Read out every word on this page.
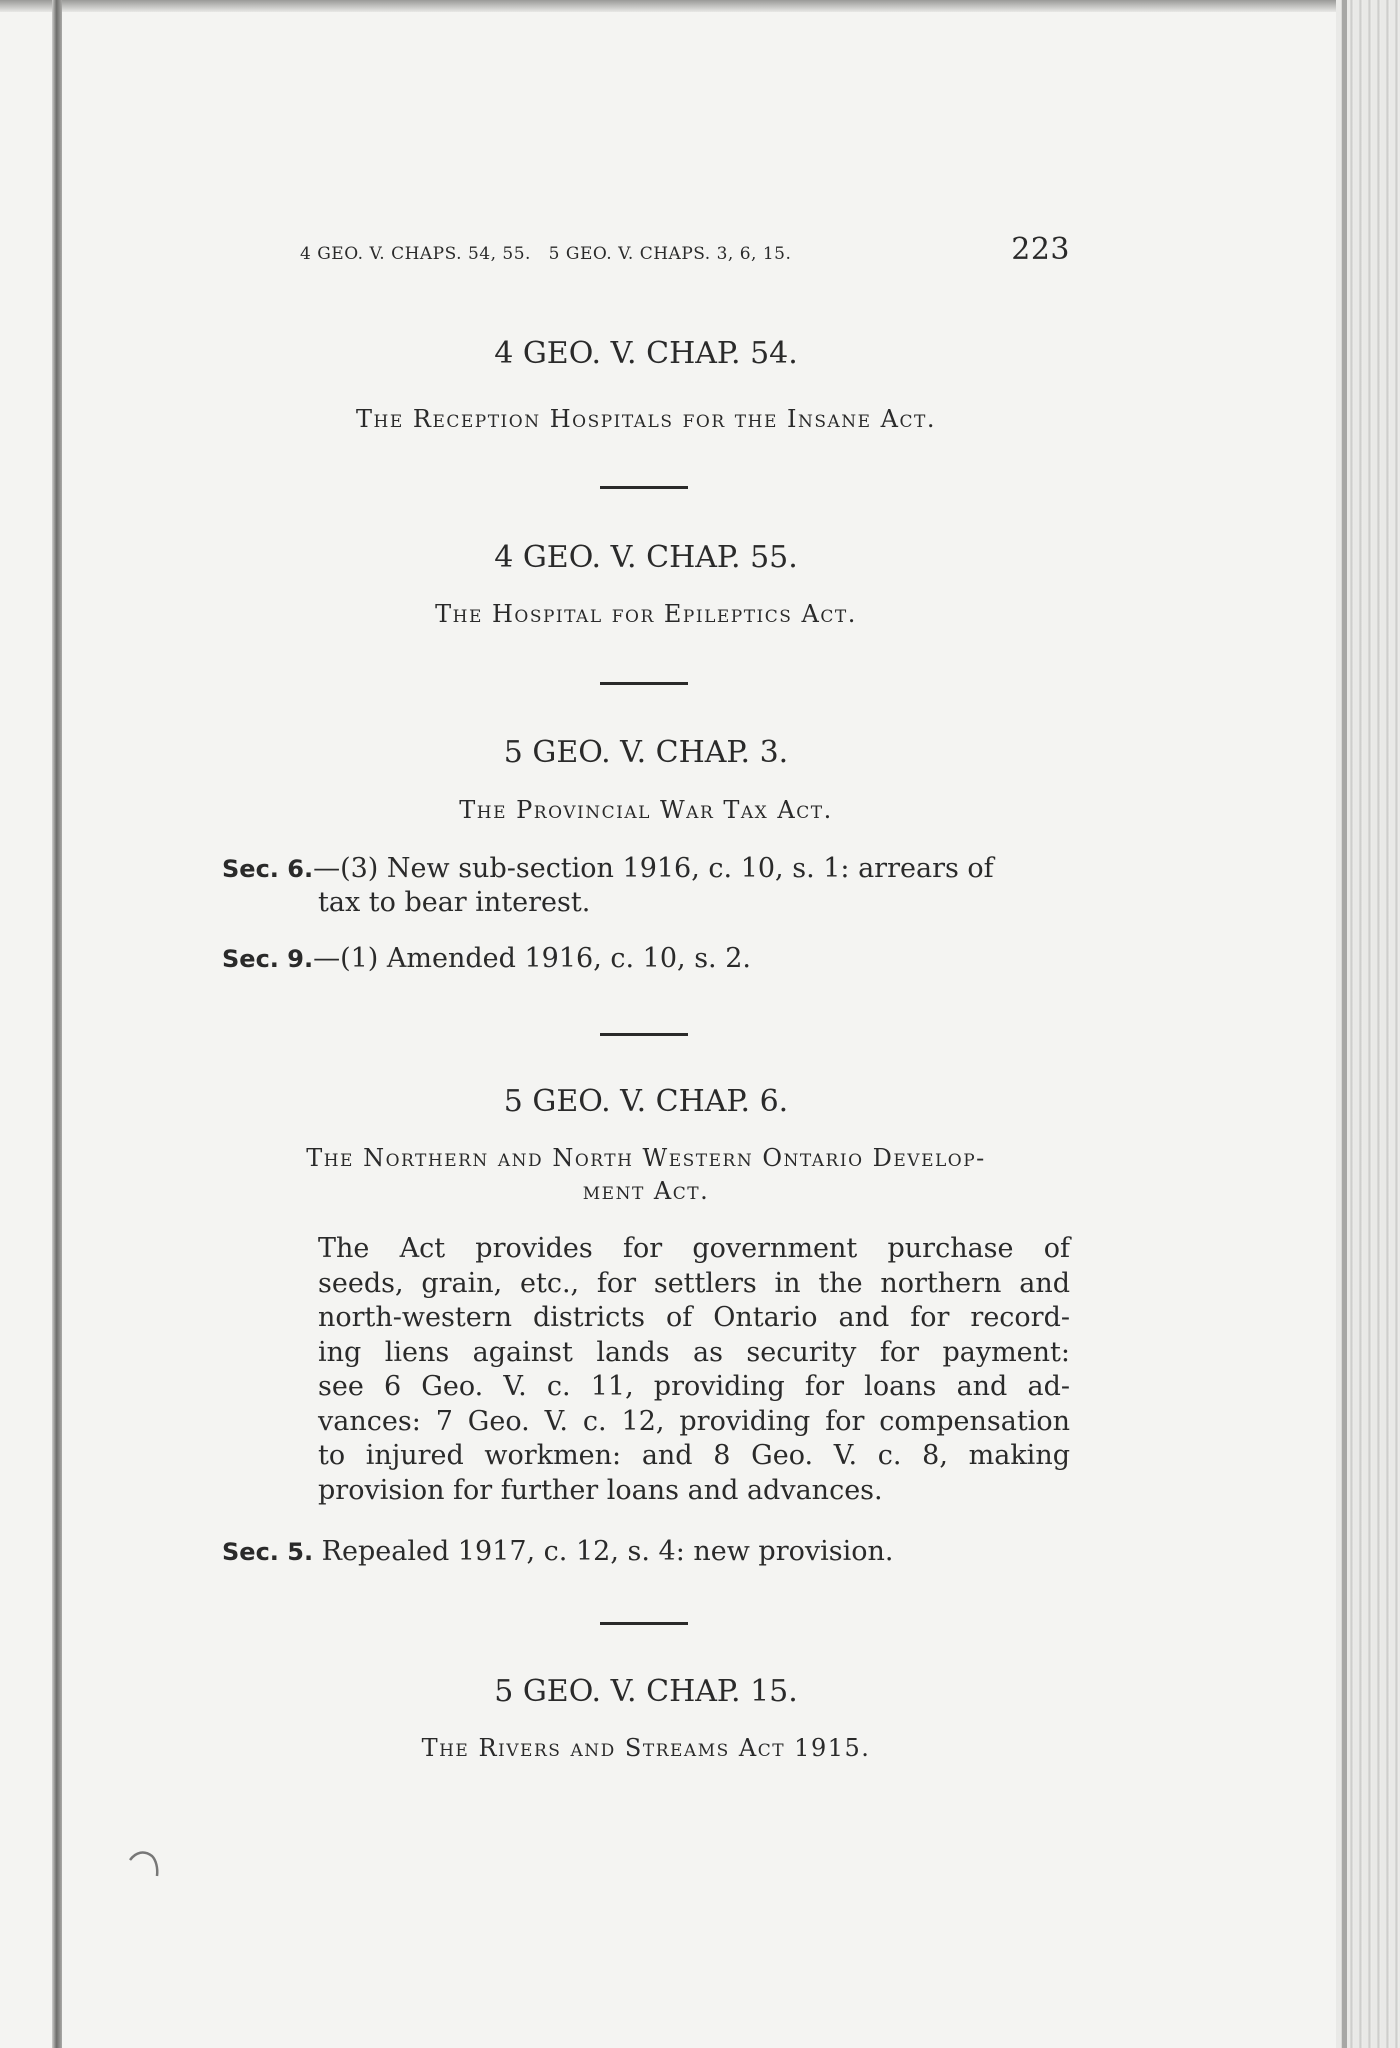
4 GEO. V. CHAPS. 54, 55.   5 GEO. V. CHAPS. 3, 6, 15.	223
4 GEO. V. CHAP. 54.
The Reception Hospitals for the Insane Act.
4 GEO. V. CHAP. 55.
The Hospital for Epileptics Act.
5 GEO. V. CHAP. 3.
The Provincial War Tax Act.
Sec. 6.—(3) New sub-section 1916, c. 10, s. 1: arrears of
tax to bear interest.
Sec. 9.—(1) Amended 1916, c. 10, s. 2.
5 GEO. V. CHAP. 6.
The Northern and North Western Ontario Develop-
ment Act.
The Act provides for government purchase of
seeds, grain, etc., for settlers in the northern and
north-western districts of Ontario and for record-
ing liens against lands as security for payment:
see 6 Geo. V. c. 11, providing for loans and ad-
vances: 7 Geo. V. c. 12, providing for compensation
to injured workmen: and 8 Geo. V. c. 8, making
provision for further loans and advances.
Sec. 5. Repealed 1917, c. 12, s. 4: new provision.
5 GEO. V. CHAP. 15.
The Rivers and Streams Act 1915.
